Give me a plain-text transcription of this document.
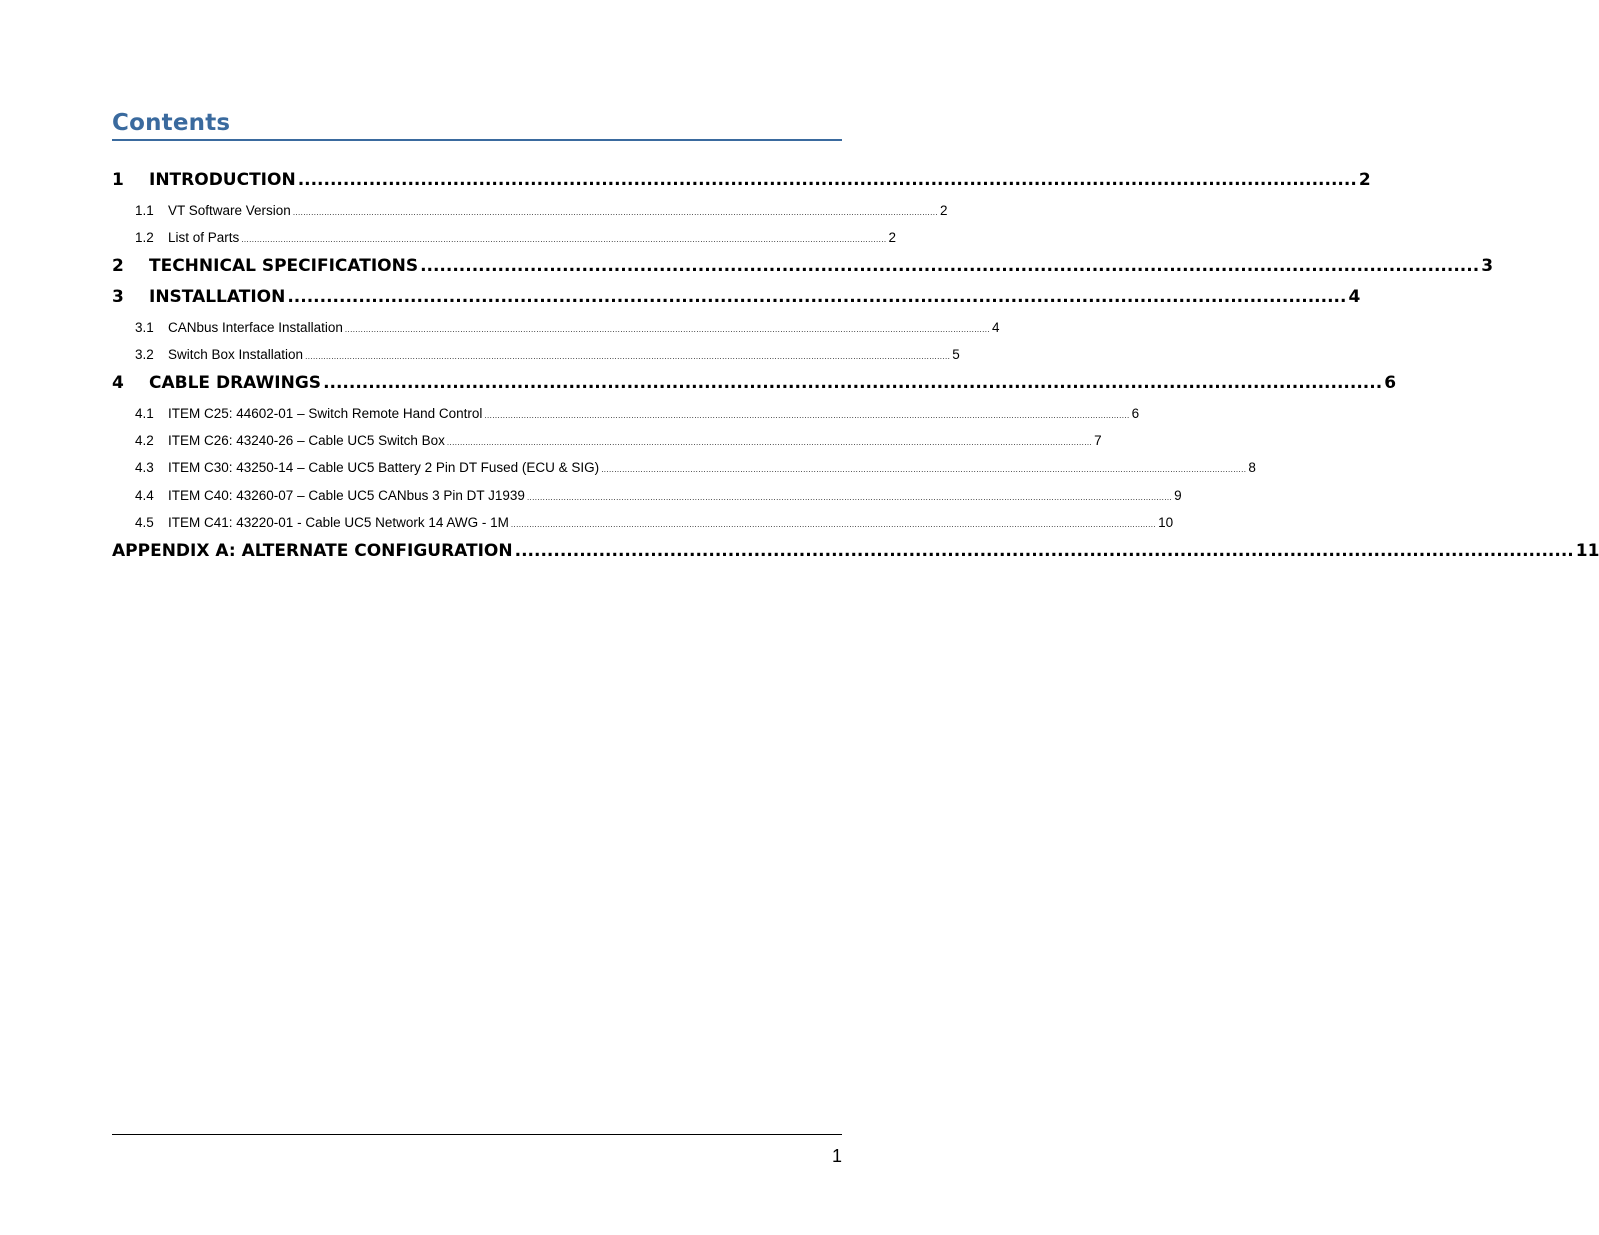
Contents
1	INTRODUCTION .................................................................................................................................................................... 2
1.1	VT Software Version ...................................................................................................................................................................................................................................................... 2
1.2	List of Parts ...................................................................................................................................................................................................................................................... 2
2	TECHNICAL SPECIFICATIONS .................................................................................................................................................................... 3
3	INSTALLATION .................................................................................................................................................................... 4
3.1	CANbus Interface Installation ...................................................................................................................................................................................................................................................... 4
3.2	Switch Box Installation ...................................................................................................................................................................................................................................................... 5
4	CABLE DRAWINGS .................................................................................................................................................................... 6
4.1	ITEM C25: 44602-01 – Switch Remote Hand Control ...................................................................................................................................................................................................................................................... 6
4.2	ITEM C26: 43240-26 – Cable UC5 Switch Box ...................................................................................................................................................................................................................................................... 7
4.3	ITEM C30: 43250-14 – Cable UC5 Battery 2 Pin DT Fused (ECU & SIG) ...................................................................................................................................................................................................................................................... 8
4.4	ITEM C40: 43260-07 – Cable UC5 CANbus 3 Pin DT J1939 ...................................................................................................................................................................................................................................................... 9
4.5	ITEM C41: 43220-01 - Cable UC5 Network 14 AWG - 1M ...................................................................................................................................................................................................................................................... 10
APPENDIX A: ALTERNATE CONFIGURATION .................................................................................................................................................................... 11
1
